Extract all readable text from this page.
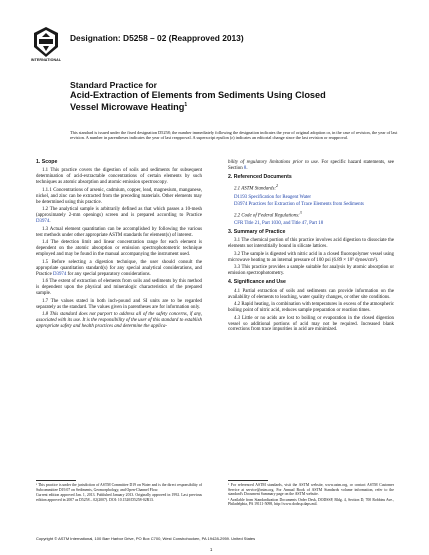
INTERNATIONAL
Designation: D5258 – 02 (Reapproved 2013)
Standard Practice for
Acid-Extraction of Elements from Sediments Using Closed
Vessel Microwave Heating$^1$
This standard is issued under the fixed designation D5258; the number immediately following the designation indicates the year of original adoption or, in the case of revision, the year of last revision. A number in parentheses indicates the year of last reapproval. A superscript epsilon (ε) indicates an editorial change since the last revision or reapproval.
1. Scope

1.1 This practice covers the digestion of soils and sediments for subsequent determination of acid-extractable concentrations of certain elements by such techniques as atomic absorption and atomic emission spectroscopy.

1.1.1 Concentrations of arsenic, cadmium, copper, lead, magnesium, manganese, nickel, and zinc can be extracted from the preceding materials. Other elements may be determined using this practice.

1.2 The analytical sample is arbitrarily defined as that which passes a 10-mesh (approximately 2-mm openings) screen and is prepared according to Practice D3974.

1.3 Actual element quantitation can be accomplished by following the various test methods under other appropriate ASTM standards for element(s) of interest.

1.4 The detection limit and linear concentration range for each element is dependent on the atomic absorption or emission spectrophotometric technique employed and may be found in the manual accompanying the instrument used.

1.5 Before selecting a digestion technique, the user should consult the appropriate quantitation standard(s) for any special analytical considerations, and Practice D3974 for any special preparatory considerations.

1.6 The extent of extraction of elements from soils and sediments by this method is dependent upon the physical and mineralogic characteristics of the prepared sample.

1.7 The values stated in both inch-pound and SI units are to be regarded separately as the standard. The values given in parentheses are for information only.

1.8 This standard does not purport to address all of the safety concerns, if any, associated with its use. It is the responsibility of the user of this standard to establish appropriate safety and health practices and determine the applica-

bility of regulatory limitations prior to use. For specific hazard statements, see Section 8.

2. Referenced Documents

2.1 ASTM Standards:$^2$

D1193 Specification for Reagent Water

D3974 Practices for Extraction of Trace Elements from Sediments

2.2 Code of Federal Regulations:$^3$

CFR Title 21, Part 1030, and Title 47, Part 18

3. Summary of Practice

3.1 The chemical portion of this practice involves acid digestion to dissociate the elements not interstitially bound in silicate lattices.

3.2 The sample is digested with nitric acid in a closed fluoropolymer vessel using microwave heating to an internal pressure of 100 psi (6.89 × 10⁵ dynes/cm²).

3.3 This practice provides a sample suitable for analysis by atomic absorption or emission spectrophotometry.

4. Significance and Use

4.1 Partial extraction of soils and sediments can provide information on the availability of elements to leaching, water quality changes, or other site conditions.

4.2 Rapid heating, in combination with temperatures in excess of the atmospheric boiling point of nitric acid, reduces sample preparation or reaction times.

4.3 Little or no acids are lost to boiling or evaporation in the closed digestion vessel so additional portions of acid may not be required. Increased blank corrections from trace impurities in acid are minimized.

¹ This practice is under the jurisdiction of ASTM Committee D19 on Water and is the direct responsibility of Subcommittee D19.07 on Sediments, Geomorphology, and Open-Channel Flow.

Current edition approved Jan. 1, 2013. Published January 2013. Originally approved in 1992. Last previous edition approved in 2007 as D5258 – 02(2007). DOI: 10.1520/D5258-02R13.

² For referenced ASTM standards, visit the ASTM website, www.astm.org, or contact ASTM Customer Service at service@astm.org. For Annual Book of ASTM Standards volume information, refer to the standard's Document Summary page on the ASTM website.

³ Available from Standardization Documents Order Desk, DODSSP, Bldg. 4, Section D, 700 Robbins Ave., Philadelphia, PA 19111-5098, http://www.dodssp.daps.mil.

Copyright © ASTM International, 100 Barr Harbor Drive, PO Box C700, West Conshohocken, PA 19428-2959. United States
1
